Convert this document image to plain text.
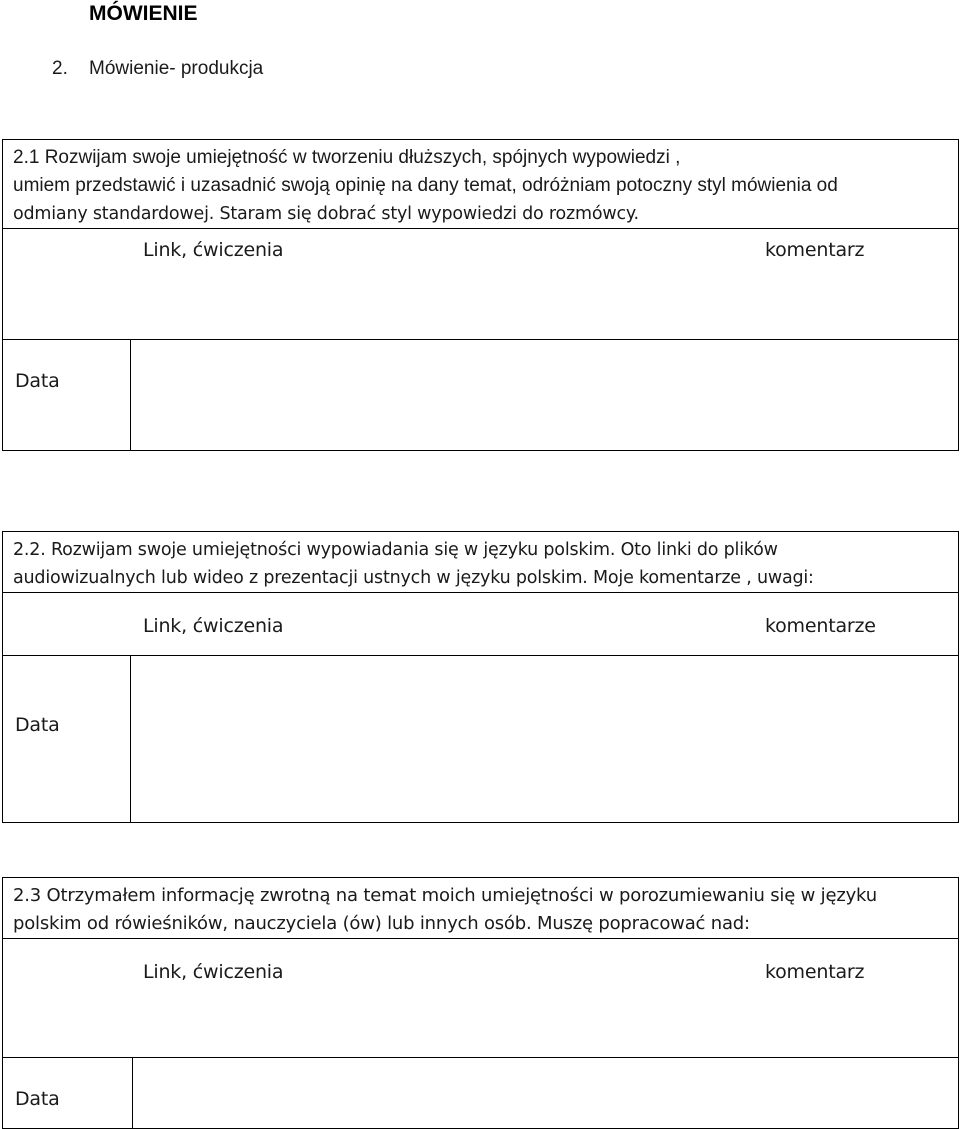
MÓWIENIE

2. Mówienie- produkcja

2.1 Rozwijam swoje umiejętność w tworzeniu dłuższych, spójnych wypowiedzi ,
umiem przedstawić i uzasadnić swoją opinię na dany temat, odróżniam potoczny styl mówienia od
odmiany standardowej. Staram się dobrać styl wypowiedzi do rozmówcy.

Link, ćwiczenia	komentarz

Data

2.2. Rozwijam swoje umiejętności wypowiadania się w języku polskim. Oto linki do plików
audiowizualnych lub wideo z prezentacji ustnych w języku polskim. Moje komentarze , uwagi:

Link, ćwiczenia	komentarze

Data

2.3 Otrzymałem informację zwrotną na temat moich umiejętności w porozumiewaniu się w języku
polskim od rówieśników, nauczyciela (ów) lub innych osób. Muszę popracować nad:

Link, ćwiczenia	komentarz

Data
